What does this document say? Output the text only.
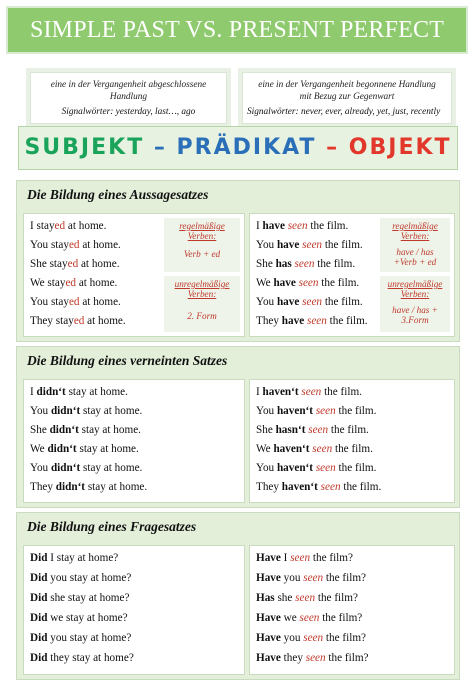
SIMPLE PAST VS. PRESENT PERFECT
eine in der Vergangenheit abgeschlossene
Handlung
Signalwörter: yesterday, last…, ago
eine in der Vergangenheit begonnene Handlung
mit Bezug zur Gegenwart
Signalwörter: never, ever, already, yet, just, recently
SUBJEKT – PRÄDIKAT – OBJEKT
Die Bildung eines Aussagesatzes
I stayed at home.
You stayed at home.
She stayed at home.
We stayed at home.
You stayed at home.
They stayed at home.
regelmäßige
Verben:
Verb + ed
unregelmäßige
Verben:
2. Form
I have seen the film.
You have seen the film.
She has seen the film.
We have seen the film.
You have seen the film.
They have seen the film.
regelmäßige
Verben:
have / has
+Verb + ed
unregelmäßige
Verben:
have / has +
3.Form
Die Bildung eines verneinten Satzes
I didn‘t stay at home.
You didn‘t stay at home.
She didn‘t stay at home.
We didn‘t stay at home.
You didn‘t stay at home.
They didn‘t stay at home.
I haven‘t seen the film.
You haven‘t seen the film.
She hasn‘t seen the film.
We haven‘t seen the film.
You haven‘t seen the film.
They haven‘t seen the film.
Die Bildung eines Fragesatzes
Did I stay at home?
Did you stay at home?
Did she stay at home?
Did we stay at home?
Did you stay at home?
Did they stay at home?
Have I seen the film?
Have you seen the film?
Has she seen the film?
Have we seen the film?
Have you seen the film?
Have they seen the film?
